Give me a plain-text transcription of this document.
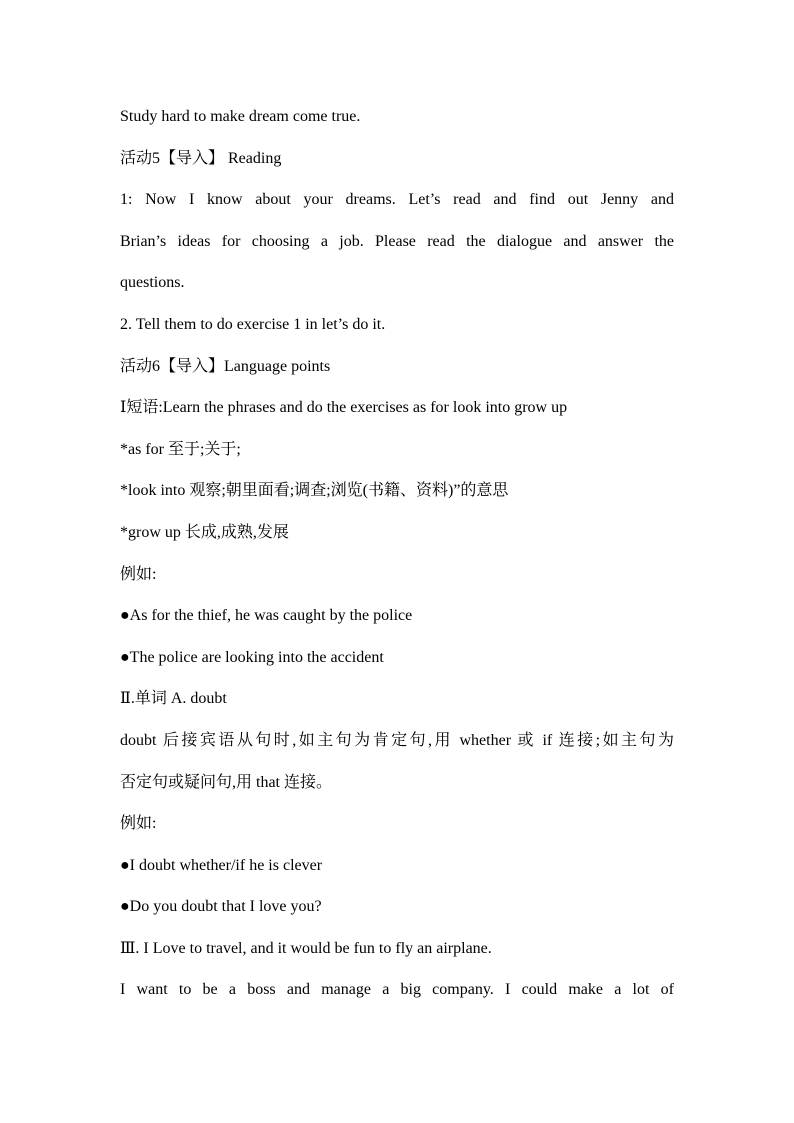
Study hard to make dream come true.
活动5【导入】 Reading
1: Now I know about your dreams. Let’s read and find out Jenny and
Brian’s ideas for choosing a job. Please read the dialogue and answer the
questions.
2. Tell them to do exercise 1 in let’s do it.
活动6【导入】Language points
Ⅰ短语:Learn the phrases and do the exercises as for look into grow up
*as for 至于;关于;
*look into 观察;朝里面看;调查;浏览(书籍、资料)”的意思
*grow up 长成,成熟,发展
例如:
●As for the thief, he was caught by the police
●The police are looking into the accident
Ⅱ.单词 A. doubt
doubt 后接宾语从句时,如主句为肯定句,用 whether 或 if 连接;如主句为
否定句或疑问句,用 that 连接。
例如:
●I doubt whether/if he is clever
●Do you doubt that I love you?
Ⅲ. I Love to travel, and it would be fun to fly an airplane.
I want to be a boss and manage a big company. I could make a lot of
